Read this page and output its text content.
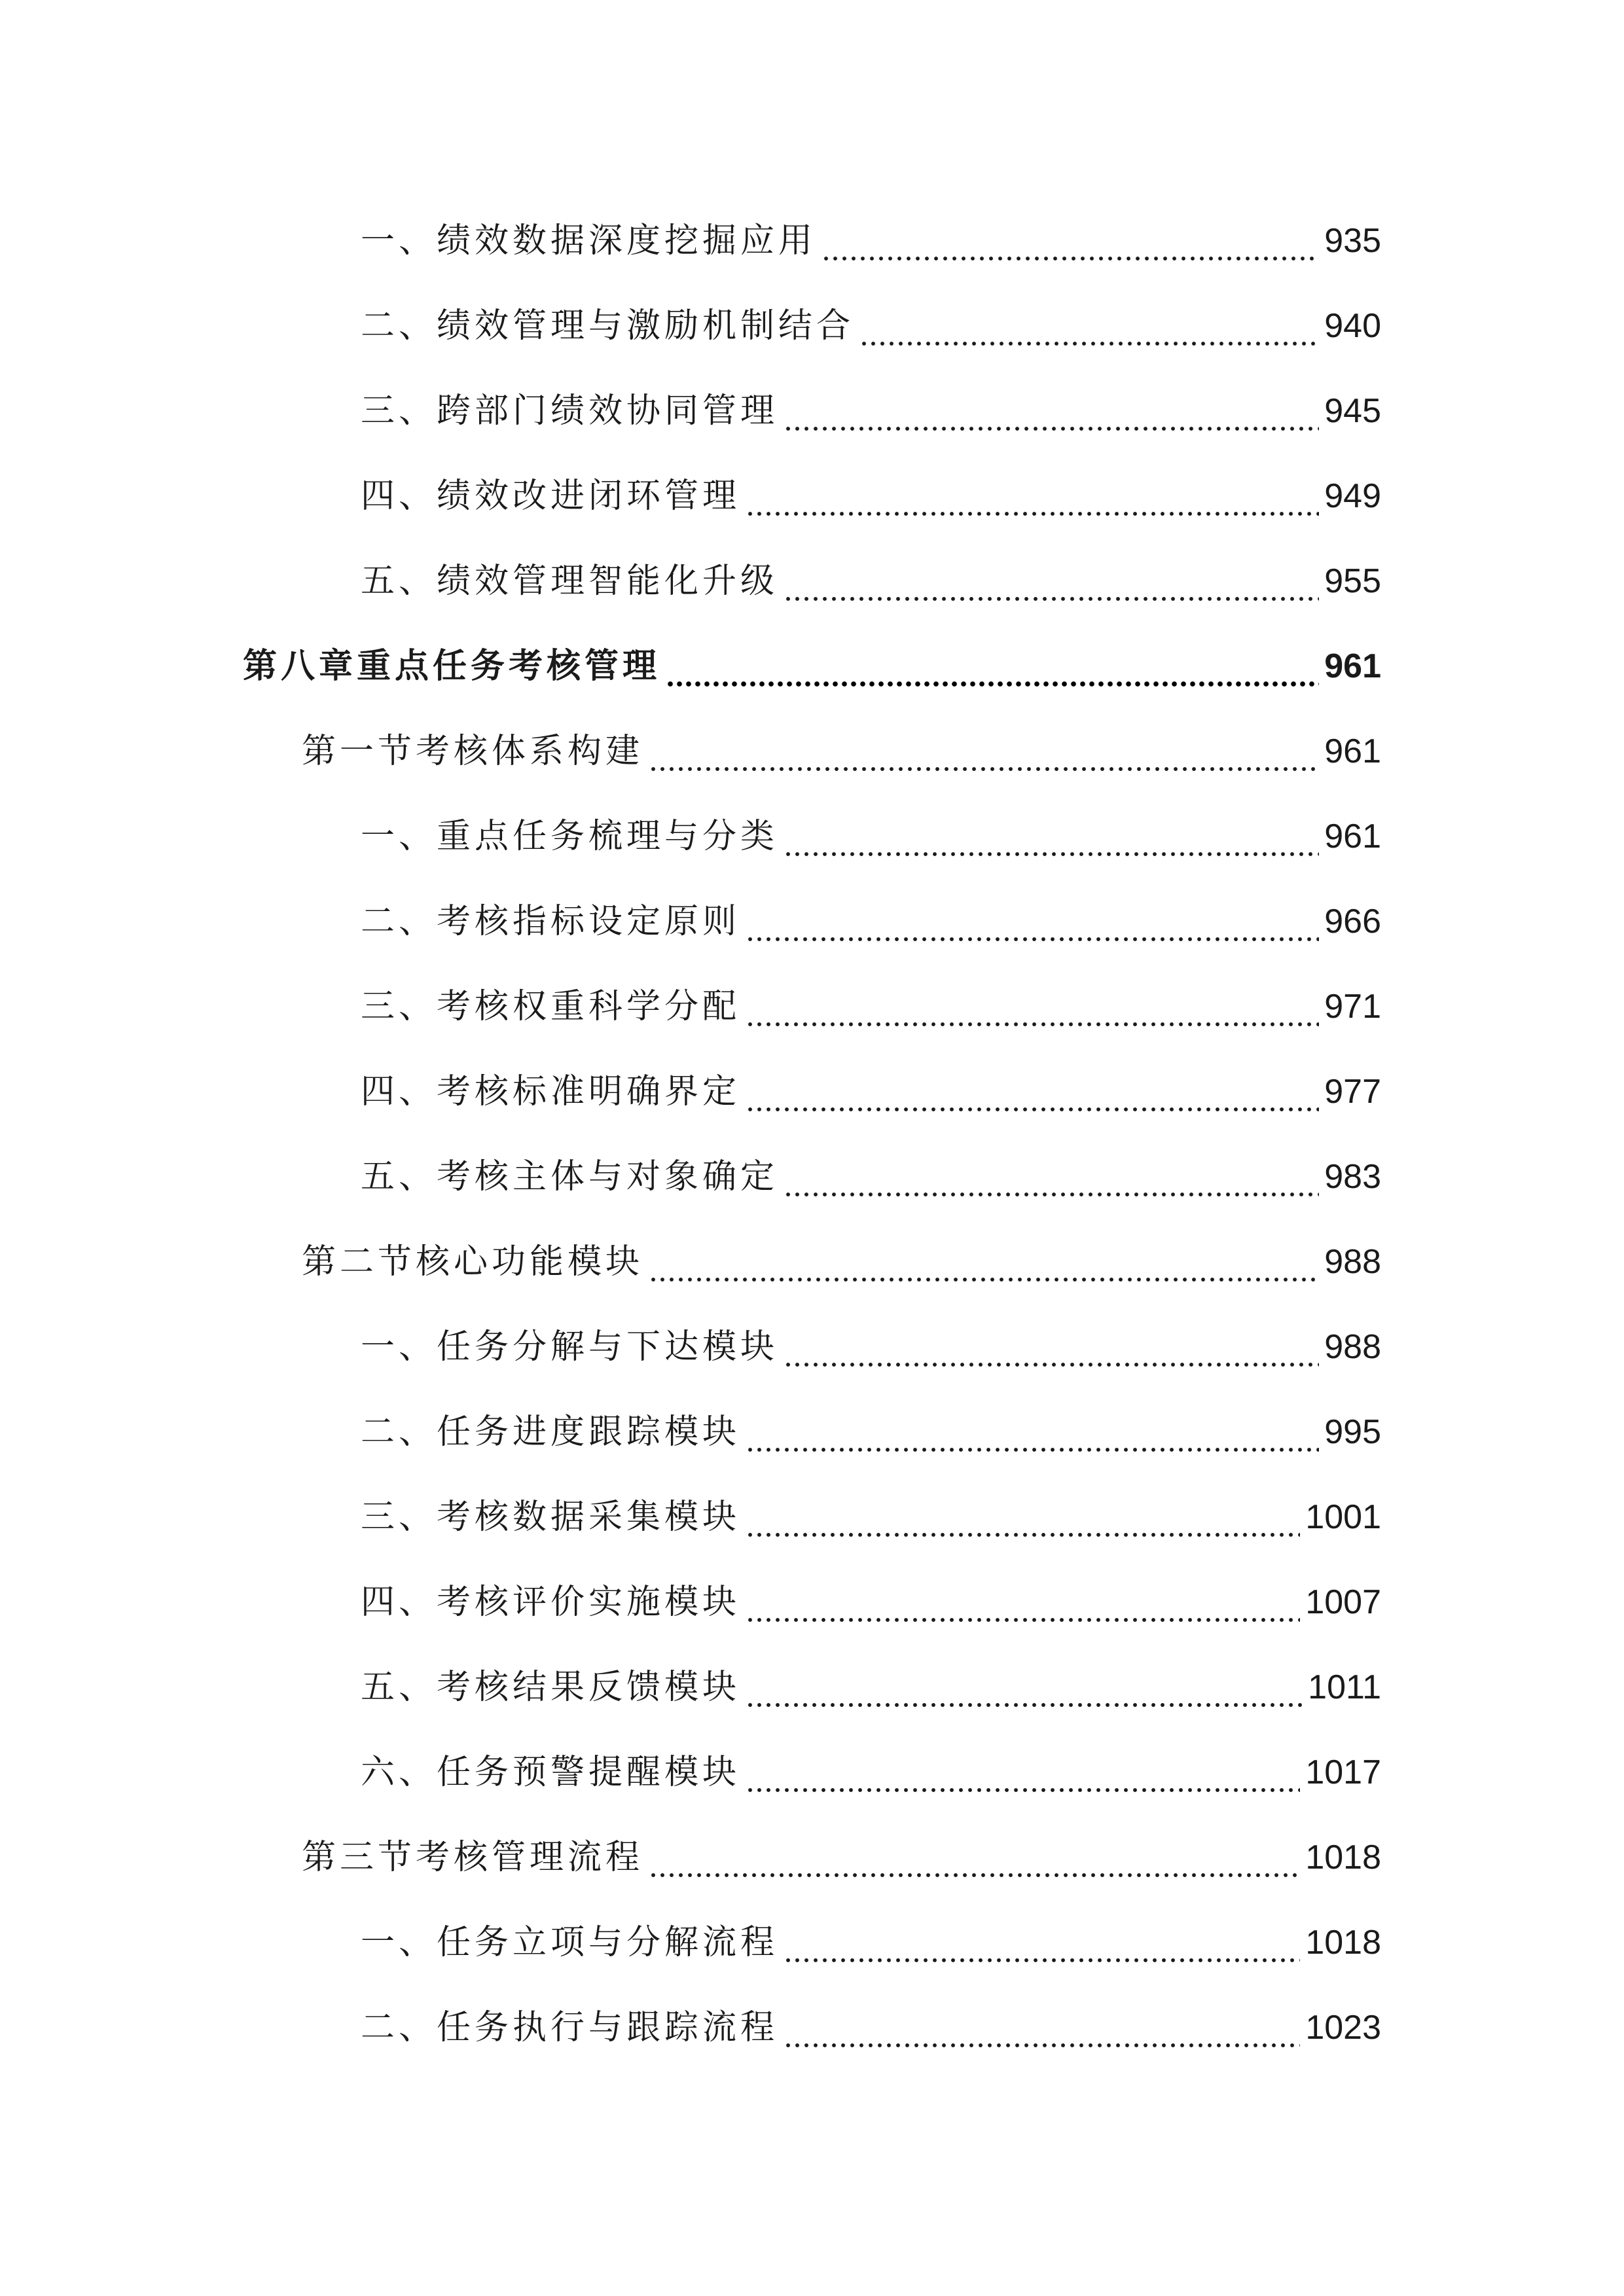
一、绩效数据深度挖掘应用	935
二、绩效管理与激励机制结合	940
三、跨部门绩效协同管理	945
四、绩效改进闭环管理	949
五、绩效管理智能化升级	955
第八章重点任务考核管理	961
第一节考核体系构建	961
一、重点任务梳理与分类	961
二、考核指标设定原则	966
三、考核权重科学分配	971
四、考核标准明确界定	977
五、考核主体与对象确定	983
第二节核心功能模块	988
一、任务分解与下达模块	988
二、任务进度跟踪模块	995
三、考核数据采集模块	1001
四、考核评价实施模块	1007
五、考核结果反馈模块	1011
六、任务预警提醒模块	1017
第三节考核管理流程	1018
一、任务立项与分解流程	1018
二、任务执行与跟踪流程	1023
